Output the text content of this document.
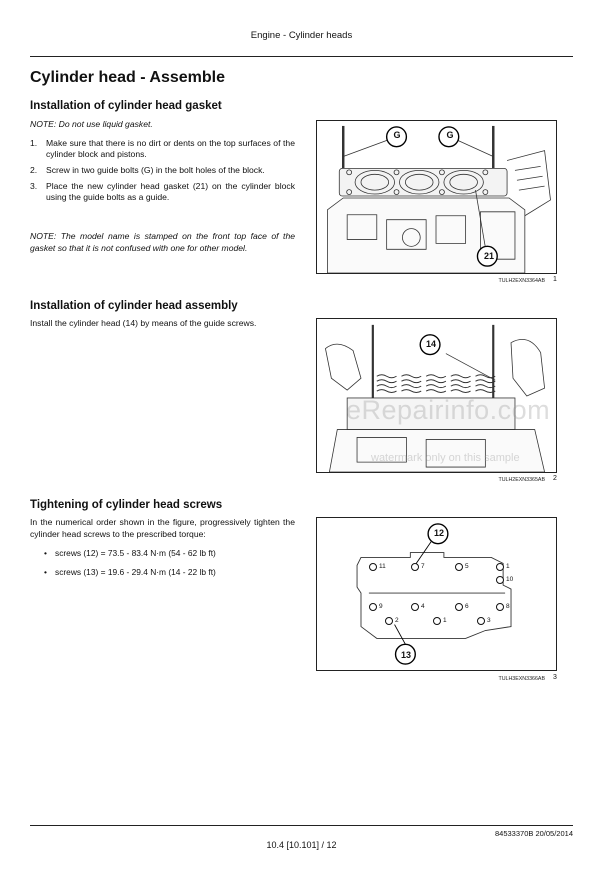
Engine - Cylinder heads
Cylinder head - Assemble
Installation of cylinder head gasket
NOTE: Do not use liquid gasket.
1. Make sure that there is no dirt or dents on the top surfaces of the cylinder block and pistons.
2. Screw in two guide bolts (G) in the bolt holes of the block.
3. Place the new cylinder head gasket (21) on the cylinder block using the guide bolts as a guide.
NOTE: The model name is stamped on the front top face of the gasket so that it is not confused with one for other model.
G	G
21
TULH2EXN3364AB 1
Installation of cylinder head assembly
Install the cylinder head (14) by means of the guide screws.
14
TULH2EXN3365AB 2
Tightening of cylinder head screws
In the numerical order shown in the figure, progressively tighten the cylinder head screws to the prescribed torque:
• screws (12) = 73.5 - 83.4 N·m (54 - 62 lb ft)
• screws (13) = 19.6 - 29.4 N·m (14 - 22 lb ft)
12
13
11	7	5	1
10
9	4	6	8
2	1	3
TULH3EXN3366AB 3
eRepairinfo.com
watermark only on this sample
84533370B 20/05/2014
10.4 [10.101] / 12
